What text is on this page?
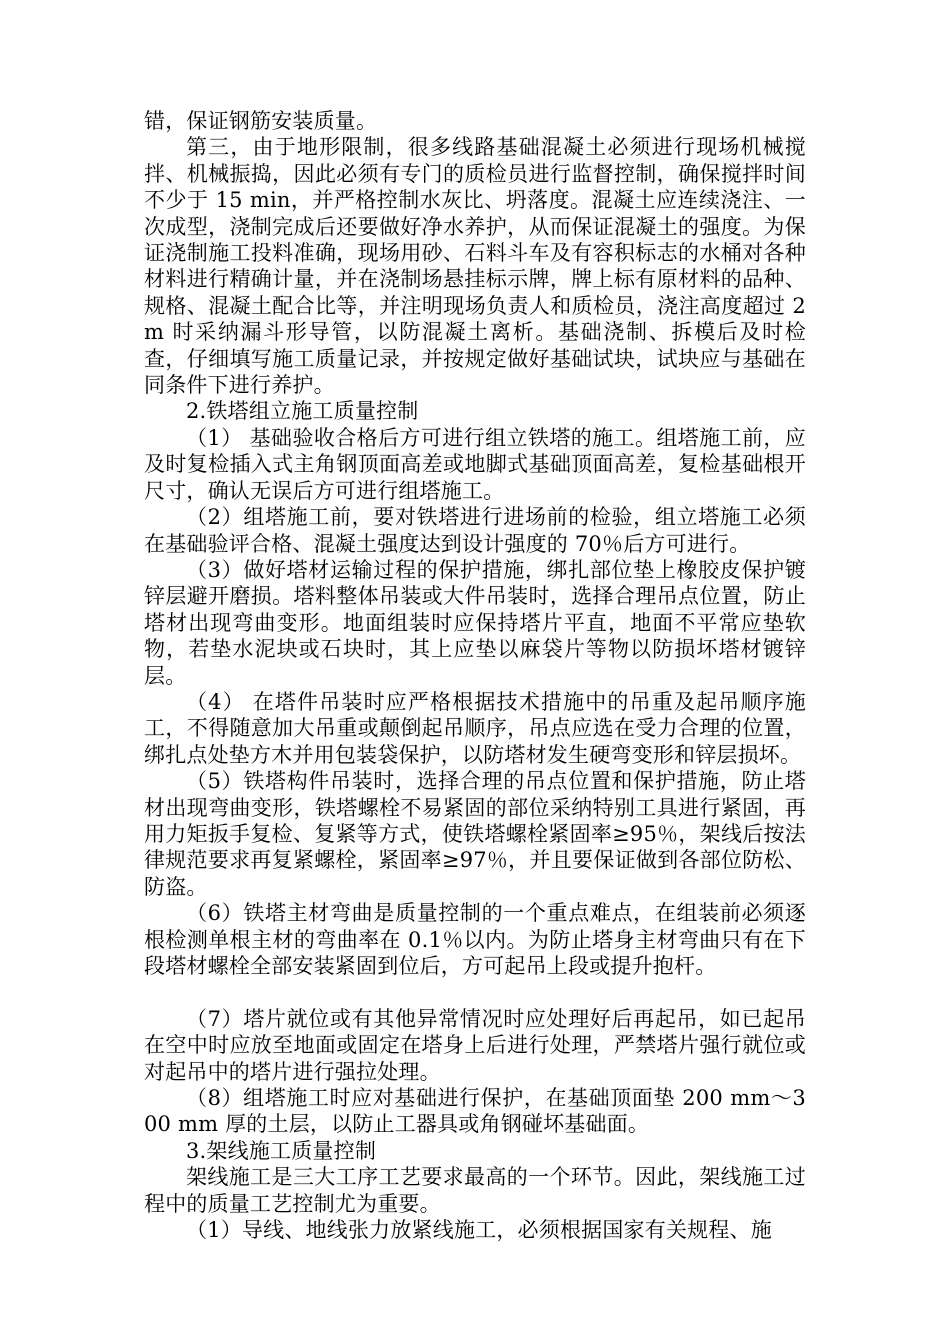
错，保证钢筋安装质量。

第三，由于地形限制，很多线路基础混凝土必须进行现场机械搅拌、机械振捣，因此必须有专门的质检员进行监督控制，确保搅拌时间不少于 15 min，并严格控制水灰比、坍落度。混凝土应连续浇注、一次成型，浇制完成后还要做好净水养护，从而保证混凝土的强度。为保证浇制施工投料准确，现场用砂、石料斗车及有容积标志的水桶对各种材料进行精确计量，并在浇制场悬挂标示牌，牌上标有原材料的品种、规格、混凝土配合比等，并注明现场负责人和质检员，浇注高度超过 2 m 时采纳漏斗形导管，以防混凝土离析。基础浇制、拆模后及时检查，仔细填写施工质量记录，并按规定做好基础试块，试块应与基础在同条件下进行养护。

2.铁塔组立施工质量控制

（1） 基础验收合格后方可进行组立铁塔的施工。组塔施工前，应及时复检插入式主角钢顶面高差或地脚式基础顶面高差，复检基础根开尺寸，确认无误后方可进行组塔施工。

（2）组塔施工前，要对铁塔进行进场前的检验，组立塔施工必须在基础验评合格、混凝土强度达到设计强度的 70％后方可进行。

（3）做好塔材运输过程的保护措施，绑扎部位垫上橡胶皮保护镀锌层避开磨损。塔料整体吊装或大件吊装时，选择合理吊点位置，防止塔材出现弯曲变形。地面组装时应保持塔片平直，地面不平常应垫软物，若垫水泥块或石块时，其上应垫以麻袋片等物以防损坏塔材镀锌层。

（4） 在塔件吊装时应严格根据技术措施中的吊重及起吊顺序施工，不得随意加大吊重或颠倒起吊顺序，吊点应选在受力合理的位置，绑扎点处垫方木并用包装袋保护，以防塔材发生硬弯变形和锌层损坏。

（5）铁塔构件吊装时，选择合理的吊点位置和保护措施，防止塔材出现弯曲变形，铁塔螺栓不易紧固的部位采纳特别工具进行紧固，再用力矩扳手复检、复紧等方式，使铁塔螺栓紧固率≥95％，架线后按法律规范要求再复紧螺栓，紧固率≥97％，并且要保证做到各部位防松、防盗。

（6）铁塔主材弯曲是质量控制的一个重点难点，在组装前必须逐根检测单根主材的弯曲率在 0.1％以内。为防止塔身主材弯曲只有在下段塔材螺栓全部安装紧固到位后，方可起吊上段或提升抱杆。

（7）塔片就位或有其他异常情况时应处理好后再起吊，如已起吊在空中时应放至地面或固定在塔身上后进行处理，严禁塔片强行就位或对起吊中的塔片进行强拉处理。

（8）组塔施工时应对基础进行保护，在基础顶面垫 200 mm～300 mm 厚的土层，以防止工器具或角钢碰坏基础面。

3.架线施工质量控制

架线施工是三大工序工艺要求最高的一个环节。因此，架线施工过程中的质量工艺控制尤为重要。

（1）导线、地线张力放紧线施工，必须根据国家有关规程、施
